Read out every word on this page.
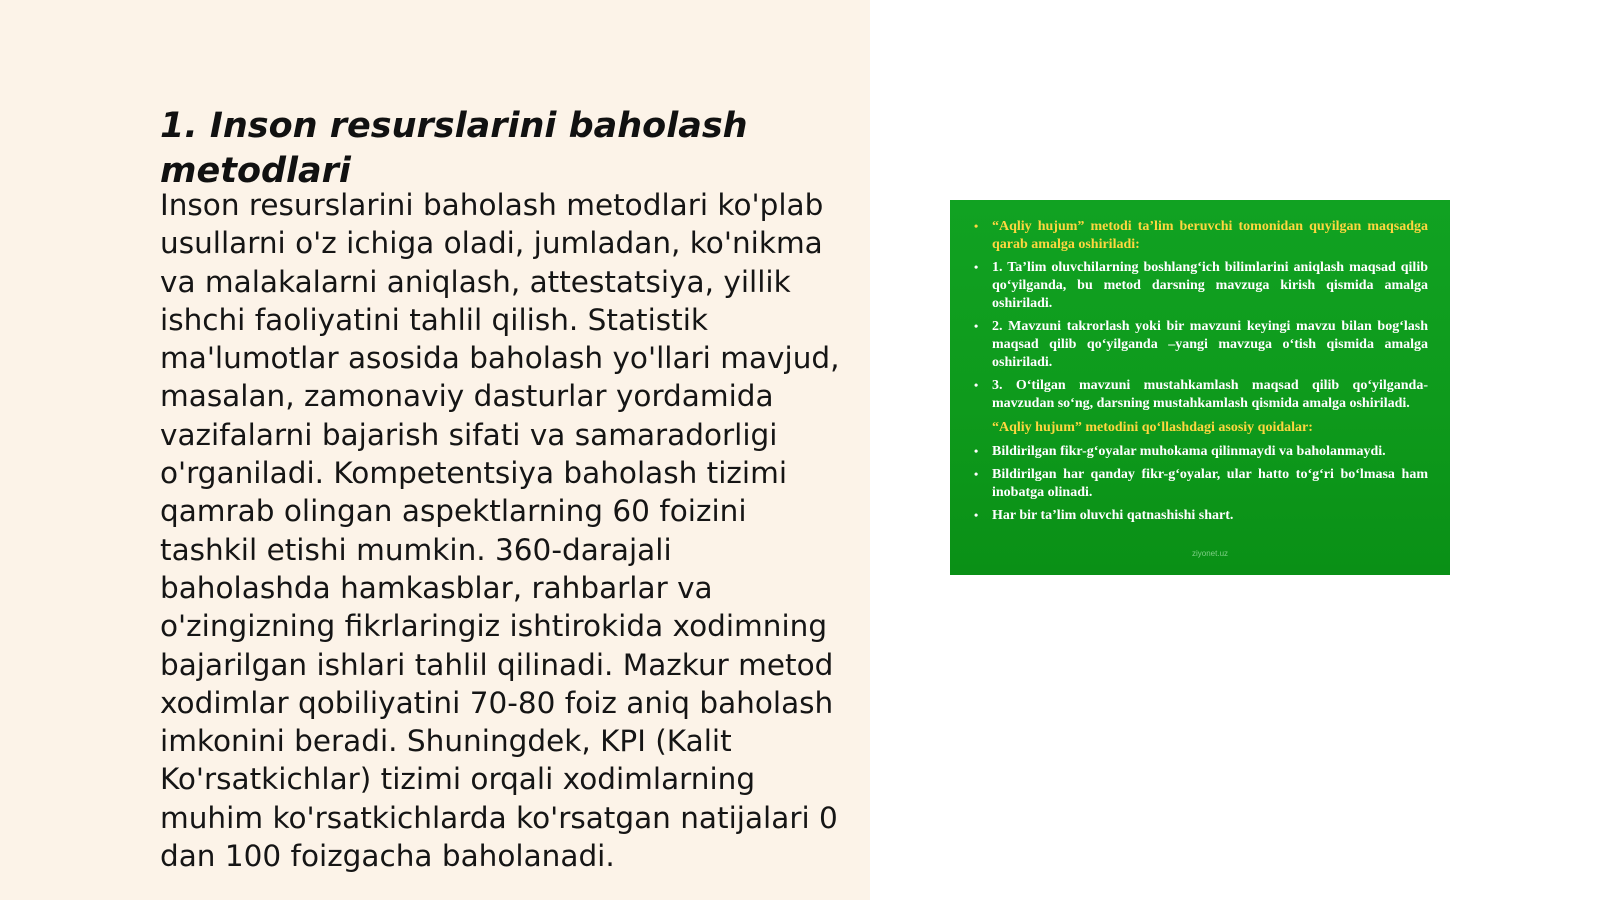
1. Inson resurslarini baholash metodlari

Inson resurslarini baholash metodlari ko'plab usullarni o'z ichiga oladi, jumladan, ko'nikma va malakalarni aniqlash, attestatsiya, yillik ishchi faoliyatini tahlil qilish. Statistik ma'lumotlar asosida baholash yo'llari mavjud, masalan, zamonaviy dasturlar yordamida vazifalarni bajarish sifati va samaradorligi o'rganiladi. Kompetentsiya baholash tizimi qamrab olingan aspektlarning 60 foizini tashkil etishi mumkin. 360-darajali baholashda hamkasblar, rahbarlar va o'zingizning fikrlaringiz ishtirokida xodimning bajarilgan ishlari tahlil qilinadi. Mazkur metod xodimlar qobiliyatini 70-80 foiz aniq baholash imkonini beradi. Shuningdek, KPI (Kalit Ko'rsatkichlar) tizimi orqali xodimlarning muhim ko'rsatkichlarda ko'rsatgan natijalari 0 dan 100 foizgacha baholanadi.

• “Aqliy hujum” metodi ta’lim beruvchi tomonidan quyilgan maqsadga qarab amalga oshiriladi:
• 1. Ta’lim oluvchilarning boshlang‘ich bilimlarini aniqlash maqsad qilib qo‘yilganda, bu metod darsning mavzuga kirish qismida amalga oshiriladi.
• 2. Mavzuni takrorlash yoki bir mavzuni keyingi mavzu bilan bog‘lash maqsad qilib qo‘yilganda –yangi mavzuga o‘tish qismida amalga oshiriladi.
• 3. O‘tilgan mavzuni mustahkamlash maqsad qilib qo‘yilganda-mavzudan so‘ng, darsning mustahkamlash qismida amalga oshiriladi.
“Aqliy hujum” metodini qo‘llashdagi asosiy qoidalar:
• Bildirilgan fikr-g‘oyalar muhokama qilinmaydi va baholanmaydi.
• Bildirilgan har qanday fikr-g‘oyalar, ular hatto to‘g‘ri bo‘lmasa ham inobatga olinadi.
• Har bir ta’lim oluvchi qatnashishi shart.
ziyonet.uz
